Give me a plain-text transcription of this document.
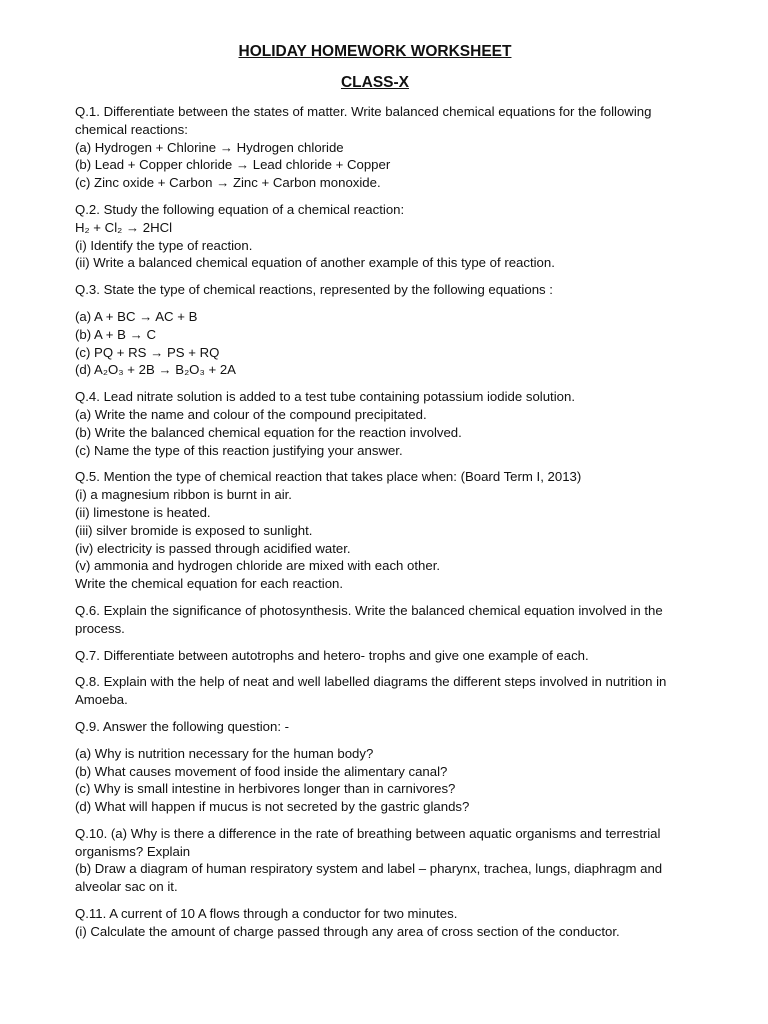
HOLIDAY HOMEWORK WORKSHEET
CLASS-X
Q.1. Differentiate between the states of matter. Write balanced chemical equations for the following
chemical reactions:
(a) Hydrogen + Chlorine → Hydrogen chloride
(b) Lead + Copper chloride → Lead chloride + Copper
(c) Zinc oxide + Carbon → Zinc + Carbon monoxide.
Q.2. Study the following equation of a chemical reaction:
H₂ + Cl₂ → 2HCl
(i) Identify the type of reaction.
(ii) Write a balanced chemical equation of another example of this type of reaction.
Q.3. State the type of chemical reactions, represented by the following equations :
(a) A + BC → AC + B
(b) A + B → C
(c) PQ + RS → PS + RQ
(d) A₂O₃ + 2B → B₂O₃ + 2A
Q.4. Lead nitrate solution is added to a test tube containing potassium iodide solution.
(a) Write the name and colour of the compound precipitated.
(b) Write the balanced chemical equation for the reaction involved.
(c) Name the type of this reaction justifying your answer.
Q.5. Mention the type of chemical reaction that takes place when: (Board Term I, 2013)
(i) a magnesium ribbon is burnt in air.
(ii) limestone is heated.
(iii) silver bromide is exposed to sunlight.
(iv) electricity is passed through acidified water.
(v) ammonia and hydrogen chloride are mixed with each other.
Write the chemical equation for each reaction.
Q.6. Explain the significance of photosynthesis. Write the balanced chemical equation involved in the
process.
Q.7. Differentiate between autotrophs and hetero- trophs and give one example of each.
Q.8. Explain with the help of neat and well labelled diagrams the different steps involved in nutrition in
Amoeba.
Q.9. Answer the following question: -
(a) Why is nutrition necessary for the human body?
(b) What causes movement of food inside the alimentary canal?
(c) Why is small intestine in herbivores longer than in carnivores?
(d) What will happen if mucus is not secreted by the gastric glands?
Q.10. (a) Why is there a difference in the rate of breathing between aquatic organisms and terrestrial
organisms? Explain
(b) Draw a diagram of human respiratory system and label – pharynx, trachea, lungs, diaphragm and
alveolar sac on it.
Q.11. A current of 10 A flows through a conductor for two minutes.
(i) Calculate the amount of charge passed through any area of cross section of the conductor.
